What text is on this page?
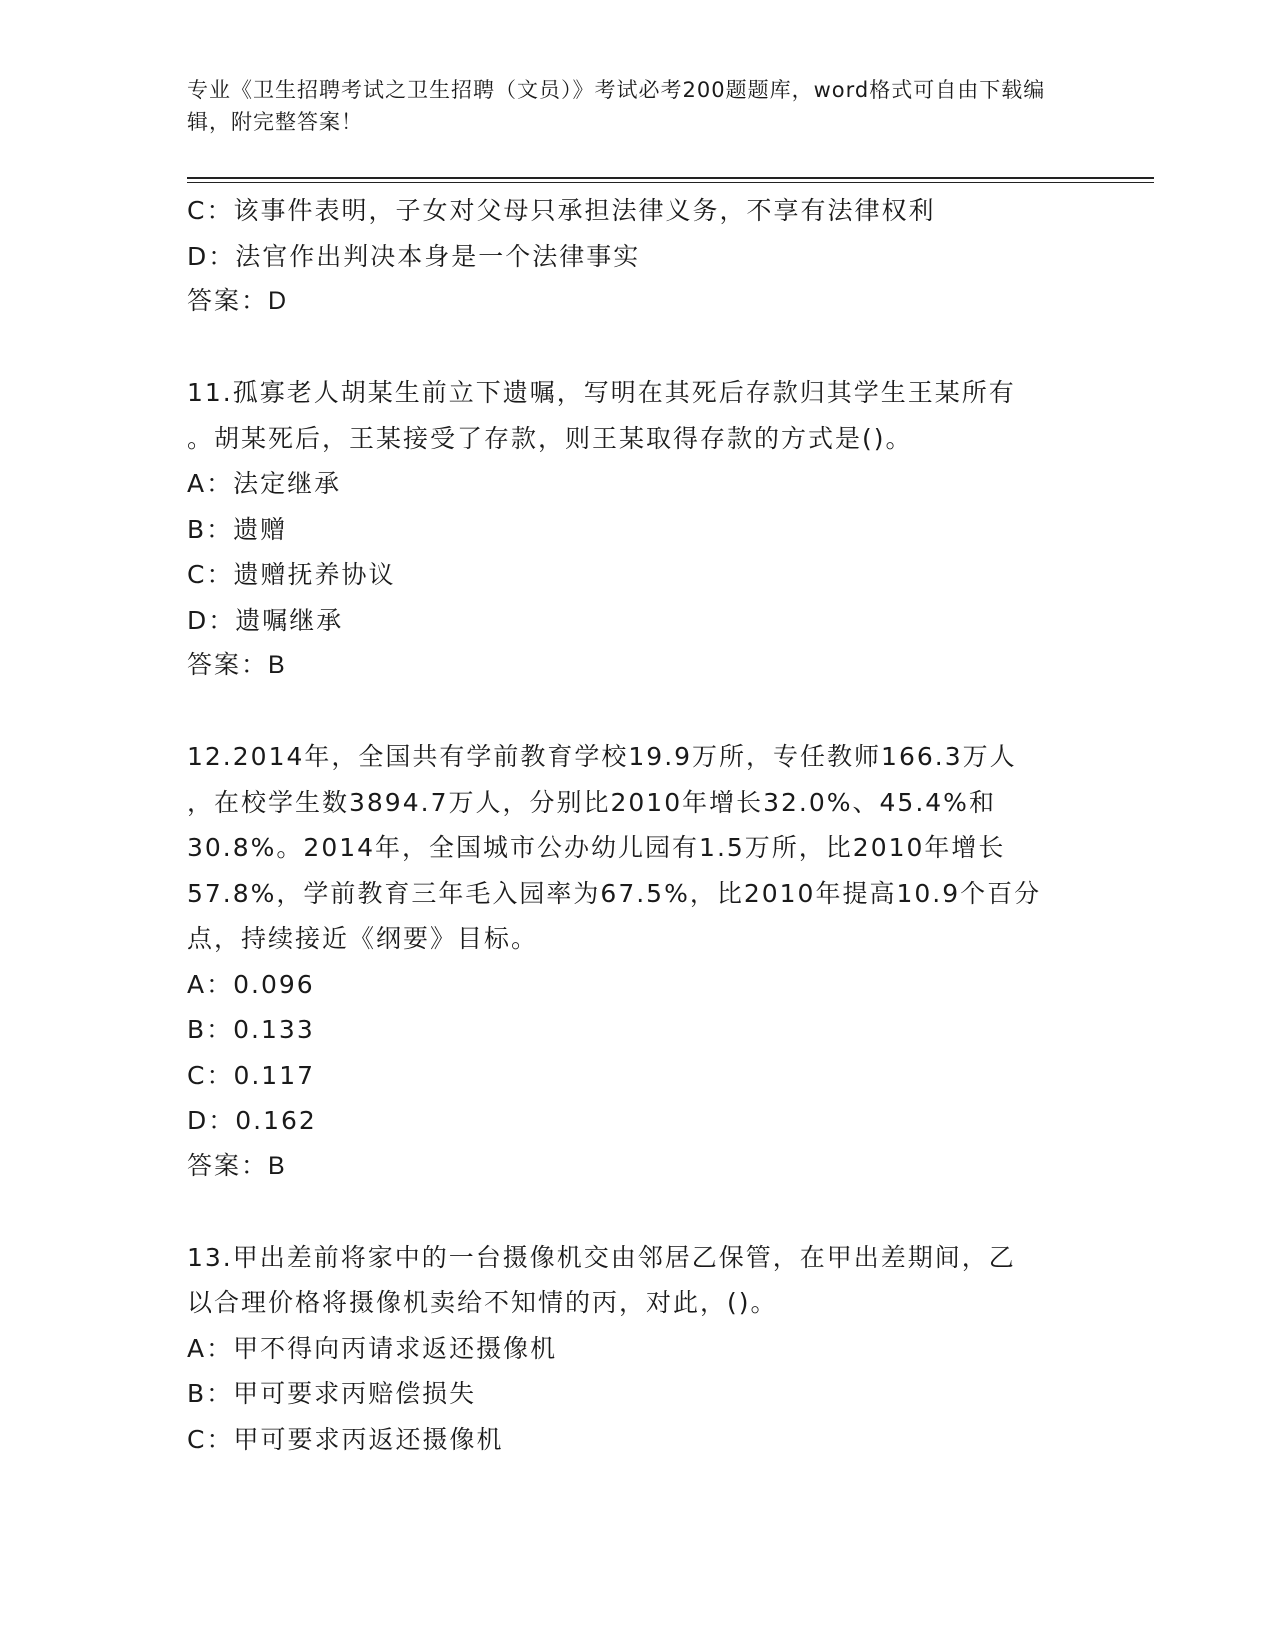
专业《卫生招聘考试之卫生招聘（文员）》考试必考200题题库，word格式可自由下载编辑，附完整答案！
C：该事件表明，子女对父母只承担法律义务，不享有法律权利
D：法官作出判决本身是一个法律事实
答案：D
11.孤寡老人胡某生前立下遗嘱，写明在其死后存款归其学生王某所有
。胡某死后，王某接受了存款，则王某取得存款的方式是()。
A：法定继承
B：遗赠
C：遗赠抚养协议
D：遗嘱继承
答案：B
12.2014年，全国共有学前教育学校19.9万所，专任教师166.3万人
，在校学生数3894.7万人，分别比2010年增长32.0%、45.4%和
30.8%。2014年，全国城市公办幼儿园有1.5万所，比2010年增长
57.8%，学前教育三年毛入园率为67.5%，比2010年提高10.9个百分
点，持续接近《纲要》目标。
A：0.096
B：0.133
C：0.117
D：0.162
答案：B
13.甲出差前将家中的一台摄像机交由邻居乙保管，在甲出差期间，乙
以合理价格将摄像机卖给不知情的丙，对此，()。
A：甲不得向丙请求返还摄像机
B：甲可要求丙赔偿损失
C：甲可要求丙返还摄像机
